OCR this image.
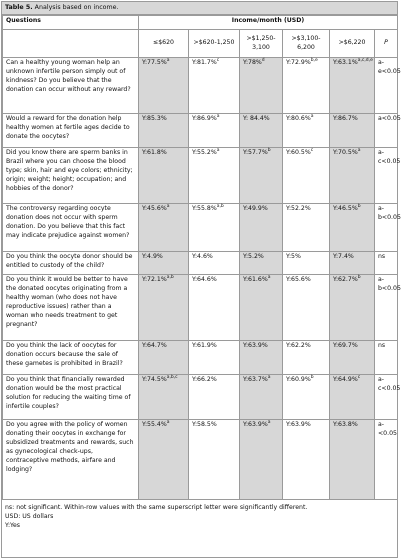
Table 5. Analysis based on income.
Questions	Income/month (USD)					
	≤$620	>$620-1,250	>$1,250-3,100	>$3,100-6,200	>$6,220	P
Can a healthy young woman help an unknown infertile person simply out of kindness? Do you believe that the donation can occur without any reward?	Y:77.5%$^a$	Y:81.7%$^c$	Y:78%$^d$	Y:72.9%$^{b,e}$	Y:63.1%$^{a,c,d,e}$	a-e<0.05
Would a reward for the donation help healthy women at fertile ages decide to donate the oocytes?	Y:85.3%	Y:86.9%$^a$	Y: 84.4%	Y:80.6%$^a$	Y:86.7%	a<0.05
Did you know there are sperm banks in Brazil where you can choose the blood type; skin, hair and eye colors; ethnicity; origin; weight; height; occupation; and hobbies of the donor?	Y:61.8%	Y:55.2%$^a$	Y:57.7%$^b$	Y:60.5%$^c$	Y:70.5%$^a$	a-c<0.05
The controversy regarding oocyte donation does not occur with sperm donation. Do you believe that this fact may indicate prejudice against women?	Y:45.6%$^a$	Y:55.8%$^{a,b}$	Y:49.9%	Y:52.2%	Y:46.5%$^b$	a-b<0.05
Do you think the oocyte donor should be entitled to custody of the child?	Y:4.9%	Y:4.6%	Y:5.2%	Y:5%	Y:7.4%	ns
Do you think it would be better to have the donated oocytes originating from a healthy woman (who does not have reproductive issues) rather than a woman who needs treatment to get pregnant?	Y:72.1%$^{a,b}$	Y:64.6%	Y:61.6%$^a$	Y:65.6%	Y:62.7%$^b$	a-b<0.05
Do you think the lack of oocytes for donation occurs because the sale of these gametes is prohibited in Brazil?	Y:64.7%	Y:61.9%	Y:63.9%	Y:62.2%	Y:69.7%	ns
Do you think that financially rewarded donation would be the most practical solution for reducing the waiting time of infertile couples?	Y:74.5%$^{a,b,c}$	Y:66.2%	Y:63.7%$^a$	Y:60.9%$^b$	Y:64.9%$^c$	a-c<0.05
Do you agree with the policy of women donating their oocytes in exchange for subsidized treatments and rewards, such as gynecological check-ups, contraceptive methods, airfare and lodging?	Y:55.4%$^a$	Y:58.5%	Y:63.9%$^a$	Y:63.9%	Y:63.8%	a-<0.05
ns: not significant. Within-row values with the same superscript letter were significantly different.
USD: US dollars
Y:Yes
